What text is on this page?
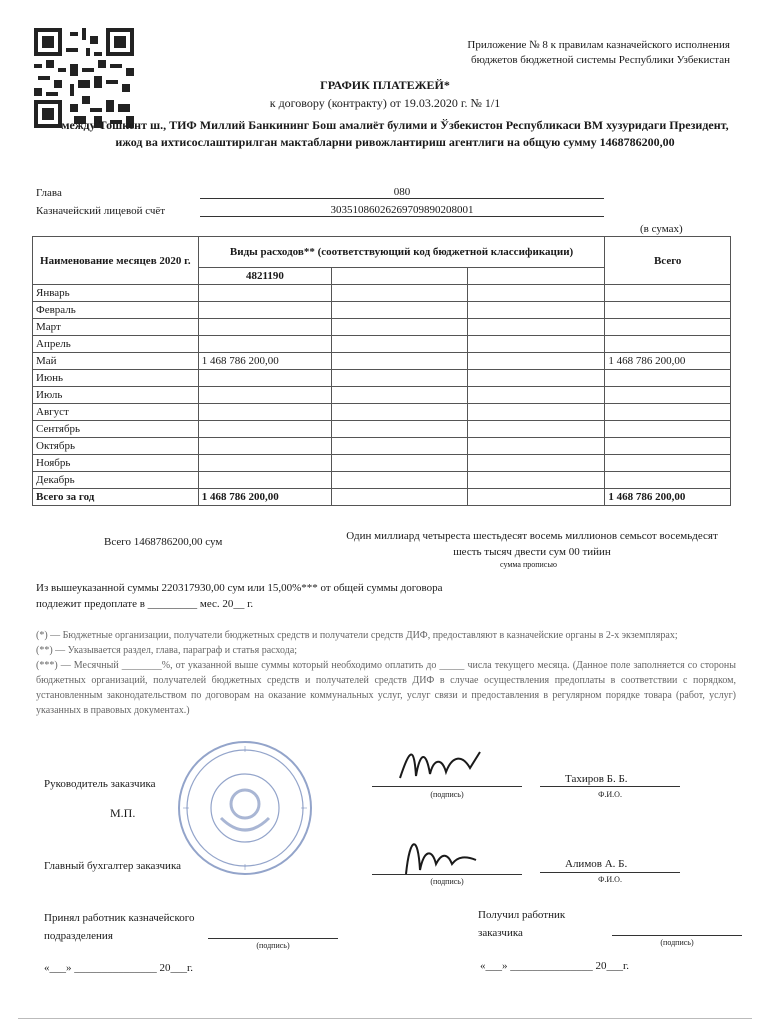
Приложение № 8 к правилам казначейского исполнения
бюджетов бюджетной системы Республики Узбекистан
ГРАФИК ПЛАТЕЖЕЙ*
к договору (контракту) от 19.03.2020 г. № 1/1
между Тошкент ш., ТИФ Миллий Банкининг Бош амалиёт булими и Ўзбекистон Республикаси ВМ хузуридаги Президент, ижод ва ихтисослаштирилган мактабларни ривожлантириш агентлиги на общую сумму 1468786200,00
Глава	080
Казначейский лицевой счёт	30351086026269709890208001
(в сумах)
Наименование месяцев 2020 г.	Виды расходов** (соответствующий код бюджетной классификации)			Всего
	4821190			
Январь				
Февраль				
Март				
Апрель				
Май	1 468 786 200,00			1 468 786 200,00
Июнь				
Июль				
Август				
Сентябрь				
Октябрь				
Ноябрь				
Декабрь				
Всего за год	1 468 786 200,00			1 468 786 200,00
Всего 1468786200,00 сум	Один миллиард четыреста шестьдесят восемь миллионов семьсот восемьдесят шесть тысяч двести сум 00 тийин
сумма прописью
Из вышеуказанной суммы 220317930,00 сум или 15,00%*** от общей суммы договора
подлежит предоплате в _________ мес. 20__ г.
(*) — Бюджетные организации, получатели бюджетных средств и получатели средств ДИФ, предоставляют в казначейские органы в 2-х экземплярах;
(**) — Указывается раздел, глава, параграф и статья расхода;
(***) — Месячный ________%, от указанной выше суммы который необходимо оплатить до _____ числа текущего месяца. (Данное поле заполняется со стороны бюджетных организаций, получателей бюджетных средств и получателей средств ДИФ в случае осуществления предоплаты в соответствии с порядком, установленным законодательством по договорам на оказание коммунальных услуг, услуг связи и предоставления в регулярном порядке товара (работ, услуг) указанных в правовых документах.)
Руководитель заказчика
(подпись)
Тахиров Б. Б.
Ф.И.О.
М.П.
Главный бухгалтер заказчика
(подпись)
Алимов А. Б.
Ф.И.О.
Принял работник казначейского
подразделения
(подпись)
«___» _______________ 20___г.
Получил работник
заказчика
(подпись)
«___» _______________ 20___г.
